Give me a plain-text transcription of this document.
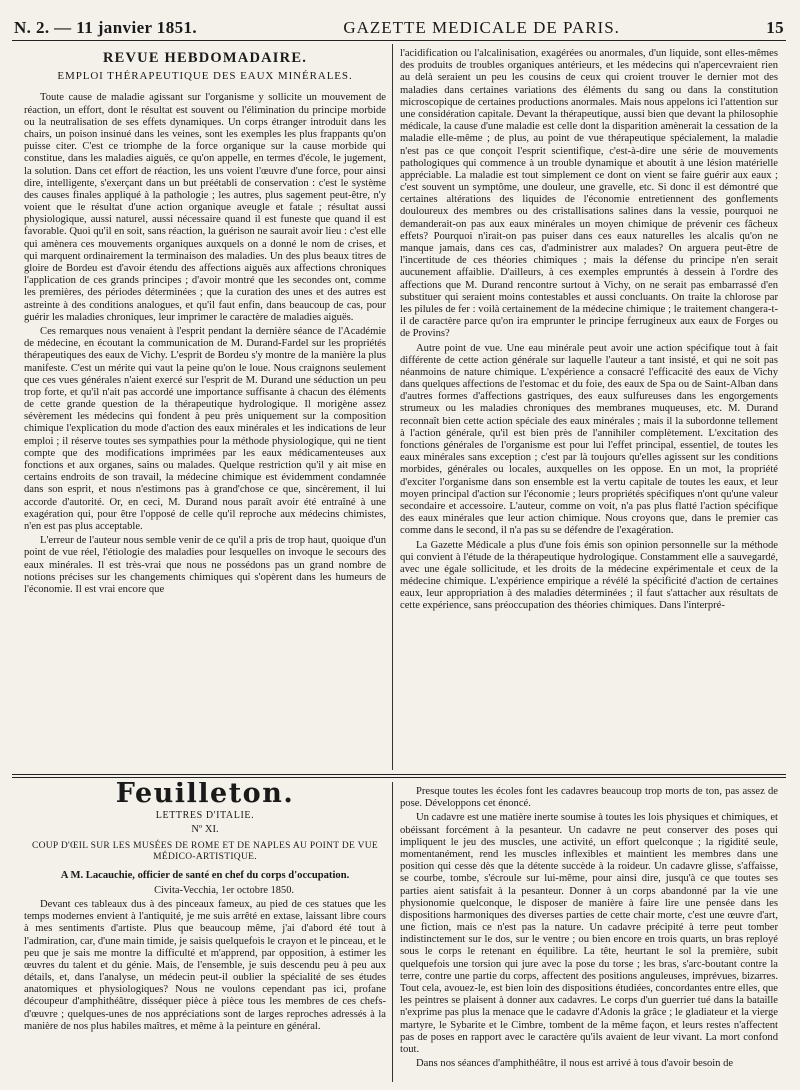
N. 2. — 11 janvier 1851.	GAZETTE MEDICALE DE PARIS.	15
REVUE HEBDOMADAIRE.
EMPLOI THÉRAPEUTIQUE DES EAUX MINÉRALES.

Toute cause de maladie agissant sur l'organisme y sollicite un mouvement de réaction, un effort, dont le résultat est souvent ou l'élimination du principe morbide ou la neutralisation de ses effets dynamiques. Un corps étranger introduit dans les chairs, un poison insinué dans les veines, sont les exemples les plus frappants qu'on puisse citer. C'est ce triomphe de la force organique sur la cause morbide qui constitue, dans les maladies aiguës, ce qu'on appelle, en termes d'école, le jugement, la solution. Dans cet effort de réaction, les uns voient l'œuvre d'une force, pour ainsi dire, intelligente, s'exerçant dans un but préétabli de conservation : c'est le système des causes finales appliqué à la pathologie ; les autres, plus sagement peut-être, n'y voient que le résultat d'une action organique aveugle et fatale ; résultat aussi physiologique, aussi naturel, aussi nécessaire quand il est funeste que quand il est favorable. Quoi qu'il en soit, sans réaction, la guérison ne saurait avoir lieu : c'est elle qui amènera ces mouvements organiques auxquels on a donné le nom de crises, et qui marquent ordinairement la terminaison des maladies. Un des plus beaux titres de gloire de Bordeu est d'avoir étendu des affections aiguës aux affections chroniques l'application de ces grands principes ; d'avoir montré que les secondes ont, comme les premières, des périodes déterminées ; que la curation des unes et des autres est astreinte à des conditions analogues, et qu'il faut enfin, dans beaucoup de cas, pour guérir les maladies chroniques, leur imprimer le caractère de maladies aiguës.

Ces remarques nous venaient à l'esprit pendant la dernière séance de l'Académie de médecine, en écoutant la communication de M. Durand-Fardel sur les propriétés thérapeutiques des eaux de Vichy. L'esprit de Bordeu s'y montre de la manière la plus manifeste. C'est un mérite qui vaut la peine qu'on le loue. Nous craignons seulement que ces vues générales n'aient exercé sur l'esprit de M. Durand une séduction un peu trop forte, et qu'il n'ait pas accordé une importance suffisante à chacun des éléments de cette grande question de la thérapeutique hydrologique. Il morigène assez sévèrement les médecins qui fondent à peu près uniquement sur la composition chimique l'explication du mode d'action des eaux minérales et les indications de leur emploi ; il réserve toutes ses sympathies pour la méthode physiologique, qui ne tient compte que des modifications imprimées par les eaux médicamenteuses aux fonctions et aux organes, sains ou malades. Quelque restriction qu'il y ait mise en certains endroits de son travail, la médecine chimique est évidemment condamnée dans son esprit, et nous n'estimons pas à grand'chose ce que, sincèrement, il lui accorde d'autorité. Or, en ceci, M. Durand nous paraît avoir été entraîné à une exagération qui, pour être l'opposé de celle qu'il reproche aux médecins chimistes, n'en est pas plus acceptable.

L'erreur de l'auteur nous semble venir de ce qu'il a pris de trop haut, quoique d'un point de vue réel, l'étiologie des maladies pour lesquelles on invoque le secours des eaux minérales. Il est très-vrai que nous ne possédons pas un grand nombre de notions précises sur les changements chimiques qui s'opèrent dans les humeurs de l'économie. Il est vrai encore que

l'acidification ou l'alcalinisation, exagérées ou anormales, d'un liquide, sont elles-mêmes des produits de troubles organiques antérieurs, et les médecins qui n'apercevraient rien au delà seraient un peu les cousins de ceux qui croient trouver le dernier mot des maladies dans certaines variations des éléments du sang ou dans la constitution microscopique de certaines productions anormales. Mais nous appelons ici l'attention sur une considération capitale. Devant la thérapeutique, aussi bien que devant la philosophie médicale, la cause d'une maladie est celle dont la disparition amènerait la cessation de la maladie elle-même ; de plus, au point de vue thérapeutique spécialement, la maladie n'est pas ce que conçoit l'esprit scientifique, c'est-à-dire une série de mouvements pathologiques qui commence à un trouble dynamique et aboutit à une lésion matérielle appréciable. La maladie est tout simplement ce dont on vient se faire guérir aux eaux ; c'est souvent un symptôme, une douleur, une gravelle, etc. Si donc il est démontré que certaines altérations des liquides de l'économie entretiennent des gonflements douloureux des membres ou des cristallisations salines dans la vessie, pourquoi ne demanderait-on pas aux eaux minérales un moyen chimique de prévenir ces fâcheux effets? Pourquoi n'irait-on pas puiser dans ces eaux naturelles les alcalis qu'on ne manque jamais, dans ces cas, d'administrer aux malades? On arguera peut-être de l'incertitude de ces théories chimiques ; mais la défense du principe n'en serait aucunement affaiblie. D'ailleurs, à ces exemples empruntés à dessein à l'ordre des affections que M. Durand rencontre surtout à Vichy, on ne serait pas embarrassé d'en substituer qui seraient moins contestables et aussi concluants. On traite la chlorose par les pilules de fer : voilà certainement de la médecine chimique ; le traitement changera-t-il de caractère parce qu'on ira emprunter le principe ferrugineux aux eaux de Forges ou de Provins?

Autre point de vue. Une eau minérale peut avoir une action spécifique tout à fait différente de cette action générale sur laquelle l'auteur a tant insisté, et qui ne soit pas néanmoins de nature chimique. L'expérience a consacré l'efficacité des eaux de Vichy dans quelques affections de l'estomac et du foie, des eaux de Spa ou de Saint-Alban dans d'autres formes d'affections gastriques, des eaux sulfureuses dans les engorgements strumeux ou les maladies chroniques des membranes muqueuses, etc. M. Durand reconnaît bien cette action spéciale des eaux minérales ; mais il la subordonne tellement à l'action générale, qu'il est bien près de l'annihiler complètement. L'excitation des fonctions générales de l'organisme est pour lui l'effet principal, essentiel, de toutes les eaux minérales sans exception ; c'est par là toujours qu'elles agissent sur les conditions morbides, générales ou locales, auxquelles on les oppose. En un mot, la propriété d'exciter l'organisme dans son ensemble est la vertu capitale de toutes les eaux, et leur moyen principal d'action sur l'économie ; leurs propriétés spécifiques n'ont qu'une valeur secondaire et accessoire. L'auteur, comme on voit, n'a pas plus flatté l'action spécifique des eaux minérales que leur action chimique. Nous croyons que, dans le premier cas comme dans le second, il n'a pas su se défendre de l'exagération.

La Gazette Médicale a plus d'une fois émis son opinion personnelle sur la méthode qui convient à l'étude de la thérapeutique hydrologique. Constamment elle a sauvegardé, avec une égale sollicitude, et les droits de la médecine expérimentale et ceux de la médecine chimique. L'expérience empirique a révélé la spécificité d'action de certaines eaux, leur appropriation à des maladies déterminées ; il faut s'attacher aux résultats de cette expérience, sans préoccupation des théories chimiques. Dans l'interpré-

Feuilleton.
LETTRES D'ITALIE.
Nº XI.
COUP D'ŒIL SUR LES MUSÉES DE ROME ET DE NAPLES AU POINT DE VUE MÉDICO-ARTISTIQUE.
A M. Lacauchie, officier de santé en chef du corps d'occupation.
Civita-Vecchia, 1er octobre 1850.

Devant ces tableaux dus à des pinceaux fameux, au pied de ces statues que les temps modernes envient à l'antiquité, je me suis arrêté en extase, laissant libre cours à mes sentiments d'artiste. Plus que beaucoup même, j'ai d'abord été tout à l'admiration, car, d'une main timide, je saisis quelquefois le crayon et le pinceau, et le peu que je sais me montre la difficulté et m'apprend, par opposition, à estimer les œuvres du talent et du génie. Mais, de l'ensemble, je suis descendu peu à peu aux détails, et, dans l'analyse, un médecin peut-il oublier la spécialité de ses études anatomiques et physiologiques? Nous ne voulons cependant pas ici, profane découpeur d'amphithéâtre, disséquer pièce à pièce tous les membres de ces chefs-d'œuvre ; quelques-unes de nos appréciations sont de larges reproches adressés à la manière de nos plus habiles maîtres, et même à la peinture en général.

Presque toutes les écoles font les cadavres beaucoup trop morts de ton, pas assez de pose. Développons cet énoncé.

Un cadavre est une matière inerte soumise à toutes les lois physiques et chimiques, et obéissant forcément à la pesanteur. Un cadavre ne peut conserver des poses qui impliquent le jeu des muscles, une activité, un effort quelconque ; la rigidité seule, momentanément, rend les muscles inflexibles et maintient les membres dans une position qui cesse dès que la détente succède à la roideur. Un cadavre glisse, s'affaisse, se courbe, tombe, s'écroule sur lui-même, pour ainsi dire, jusqu'à ce que toutes ses parties aient satisfait à la pesanteur. Donner à un corps abandonné par la vie une physionomie quelconque, le disposer de manière à faire lire une pensée dans les dispositions harmoniques des diverses parties de cette chair morte, c'est une œuvre d'art, une fiction, mais ce n'est pas la nature. Un cadavre précipité à terre peut tomber indistinctement sur le dos, sur le ventre ; ou bien encore en trois quarts, un bras reployé sous le corps le retenant en équilibre. La tête, heurtant le sol la première, subit quelquefois une torsion qui jure avec la pose du torse ; les bras, s'arc-boutant contre la terre, contre une partie du corps, affectent des positions anguleuses, imprévues, bizarres. Tout cela, avouez-le, est bien loin des dispositions étudiées, concordantes entre elles, que les peintres se plaisent à donner aux cadavres. Le corps d'un guerrier tué dans la bataille n'exprime pas plus la menace que le cadavre d'Adonis la grâce ; le gladiateur et la vierge martyre, le Sybarite et le Cimbre, tombent de la même façon, et leurs restes n'affectent pas de poses en rapport avec le caractère qu'ils avaient de leur vivant. La mort confond tout.

Dans nos séances d'amphithéâtre, il nous est arrivé à tous d'avoir besoin de
